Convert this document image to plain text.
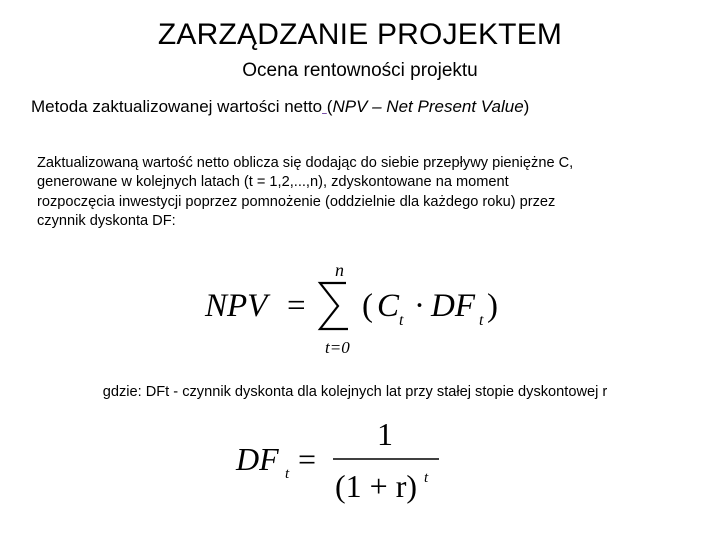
ZARZĄDZANIE PROJEKTEM
Ocena rentowności projektu
Metoda zaktualizowanej wartości netto (NPV – Net Present Value)
Zaktualizowaną wartość netto oblicza się dodając do siebie przepływy pieniężne C,
generowane w kolejnych latach (t = 1,2,...,n), zdyskontowane na moment
rozpoczęcia inwestycji poprzez pomnożenie (oddzielnie dla każdego roku) przez
czynnik dyskonta DF:
NPV =
n
t=0
( C t · DF t )
DF t =
1
(1 + r) t
gdzie: DFt - czynnik dyskonta dla kolejnych lat przy stałej stopie dyskontowej r
